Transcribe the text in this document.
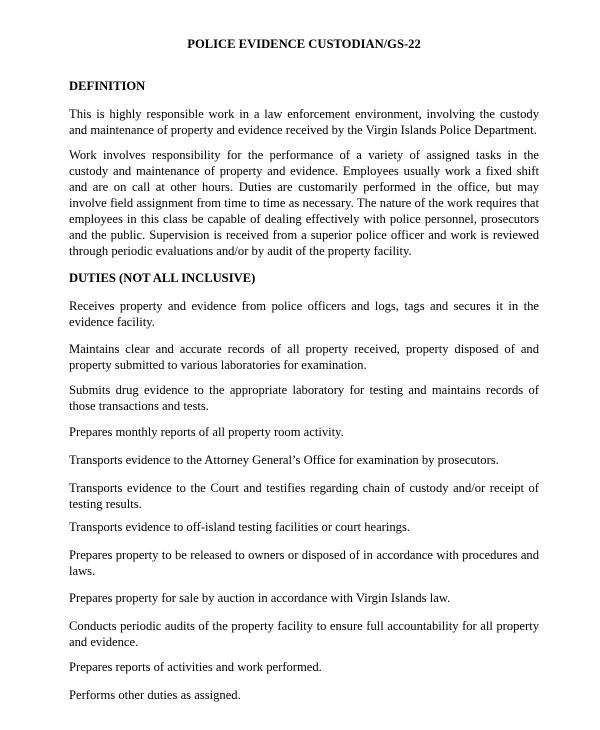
POLICE EVIDENCE CUSTODIAN/GS-22
DEFINITION
This is highly responsible work in a law enforcement environment, involving the custody and maintenance of property and evidence received by the Virgin Islands Police Department.
Work involves responsibility for the performance of a variety of assigned tasks in the custody and maintenance of property and evidence. Employees usually work a fixed shift and are on call at other hours. Duties are customarily performed in the office, but may involve field assignment from time to time as necessary. The nature of the work requires that employees in this class be capable of dealing effectively with police personnel, prosecutors and the public. Supervision is received from a superior police officer and work is reviewed through periodic evaluations and/or by audit of the property facility.
DUTIES (NOT ALL INCLUSIVE)
Receives property and evidence from police officers and logs, tags and secures it in the evidence facility.
Maintains clear and accurate records of all property received, property disposed of and property submitted to various laboratories for examination.
Submits drug evidence to the appropriate laboratory for testing and maintains records of those transactions and tests.
Prepares monthly reports of all property room activity.
Transports evidence to the Attorney General’s Office for examination by prosecutors.
Transports evidence to the Court and testifies regarding chain of custody and/or receipt of testing results.
Transports evidence to off-island testing facilities or court hearings.
Prepares property to be released to owners or disposed of in accordance with procedures and laws.
Prepares property for sale by auction in accordance with Virgin Islands law.
Conducts periodic audits of the property facility to ensure full accountability for all property and evidence.
Prepares reports of activities and work performed.
Performs other duties as assigned.
